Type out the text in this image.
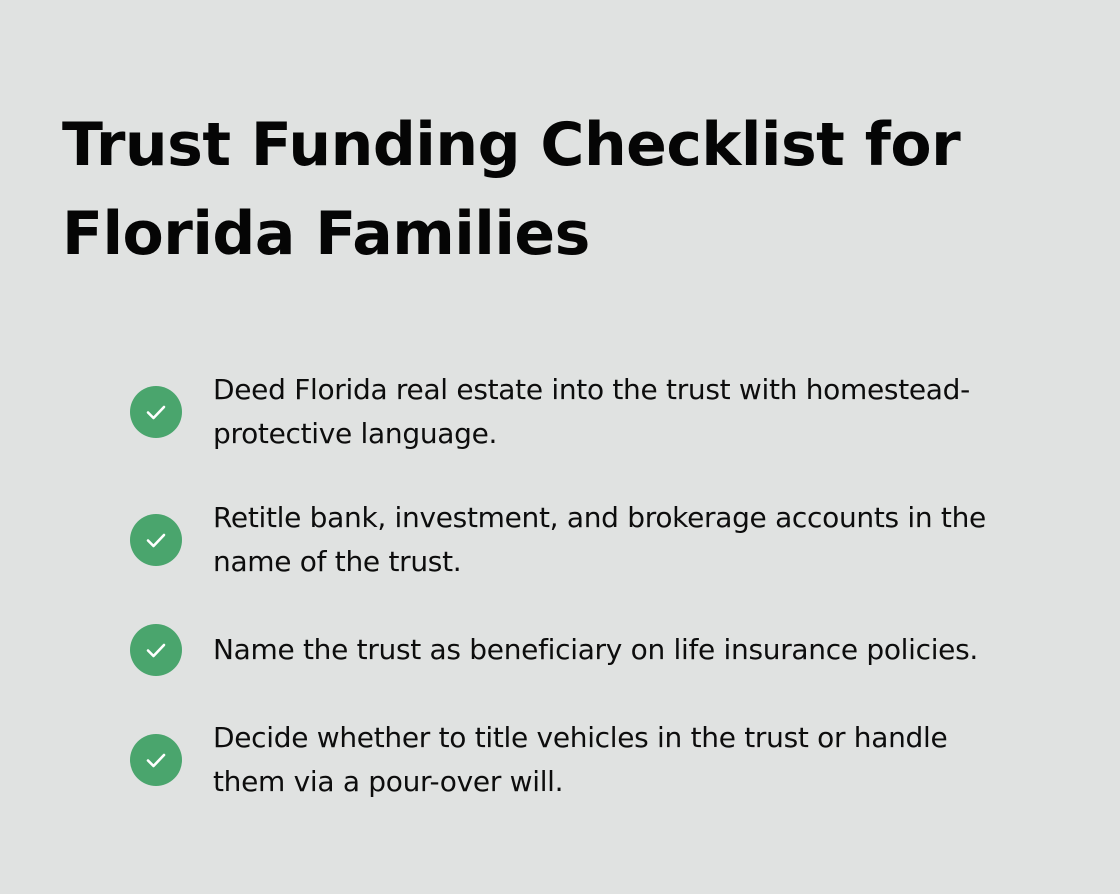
Trust Funding Checklist for
Florida Families
Deed Florida real estate into the trust with homestead-
protective language.
Retitle bank, investment, and brokerage accounts in the
name of the trust.
Name the trust as beneficiary on life insurance policies.
Decide whether to title vehicles in the trust or handle
them via a pour-over will.
